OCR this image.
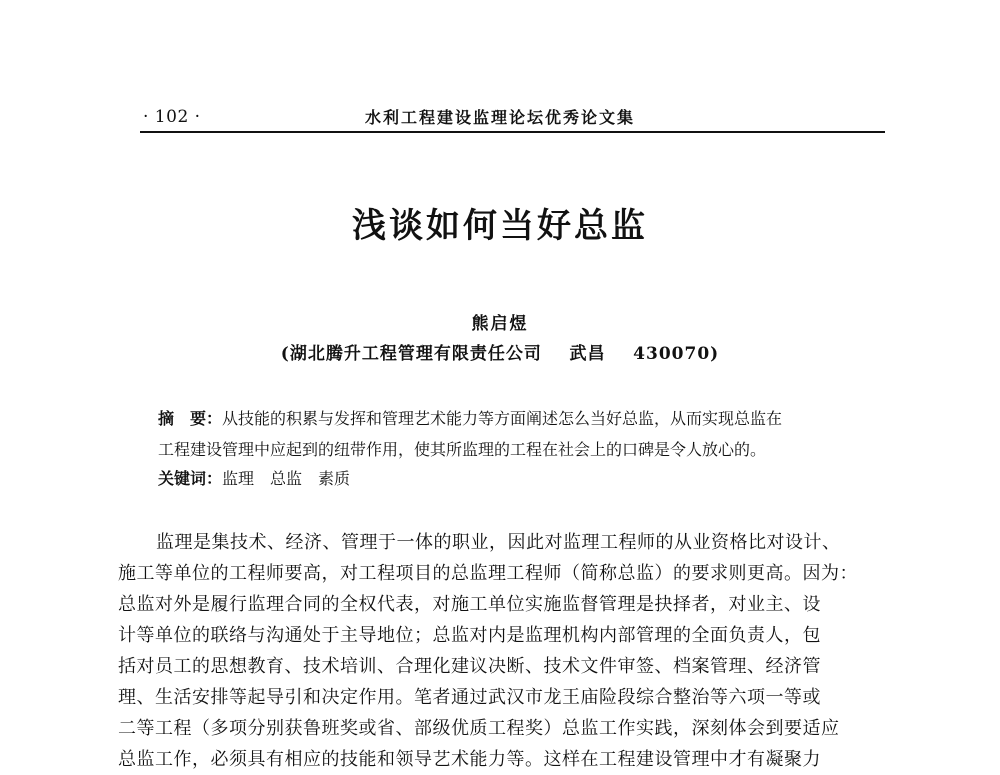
· 102 ·	水利工程建设监理论坛优秀论文集
浅谈如何当好总监
熊启煜
(湖北腾升工程管理有限责任公司    武昌    430070)
摘　要：从技能的积累与发挥和管理艺术能力等方面阐述怎么当好总监，从而实现总监在
工程建设管理中应起到的纽带作用，使其所监理的工程在社会上的口碑是令人放心的。
关键词：监理 总监 素质
监理是集技术、经济、管理于一体的职业，因此对监理工程师的从业资格比对设计、
施工等单位的工程师要高，对工程项目的总监理工程师（简称总监）的要求则更高。因为：
总监对外是履行监理合同的全权代表，对施工单位实施监督管理是抉择者，对业主、设
计等单位的联络与沟通处于主导地位；总监对内是监理机构内部管理的全面负责人，包
括对员工的思想教育、技术培训、合理化建议决断、技术文件审签、档案管理、经济管
理、生活安排等起导引和决定作用。笔者通过武汉市龙王庙险段综合整治等六项一等或
二等工程（多项分别获鲁班奖或省、部级优质工程奖）总监工作实践，深刻体会到要适应
总监工作，必须具有相应的技能和领导艺术能力等。这样在工程建设管理中才有凝聚力
